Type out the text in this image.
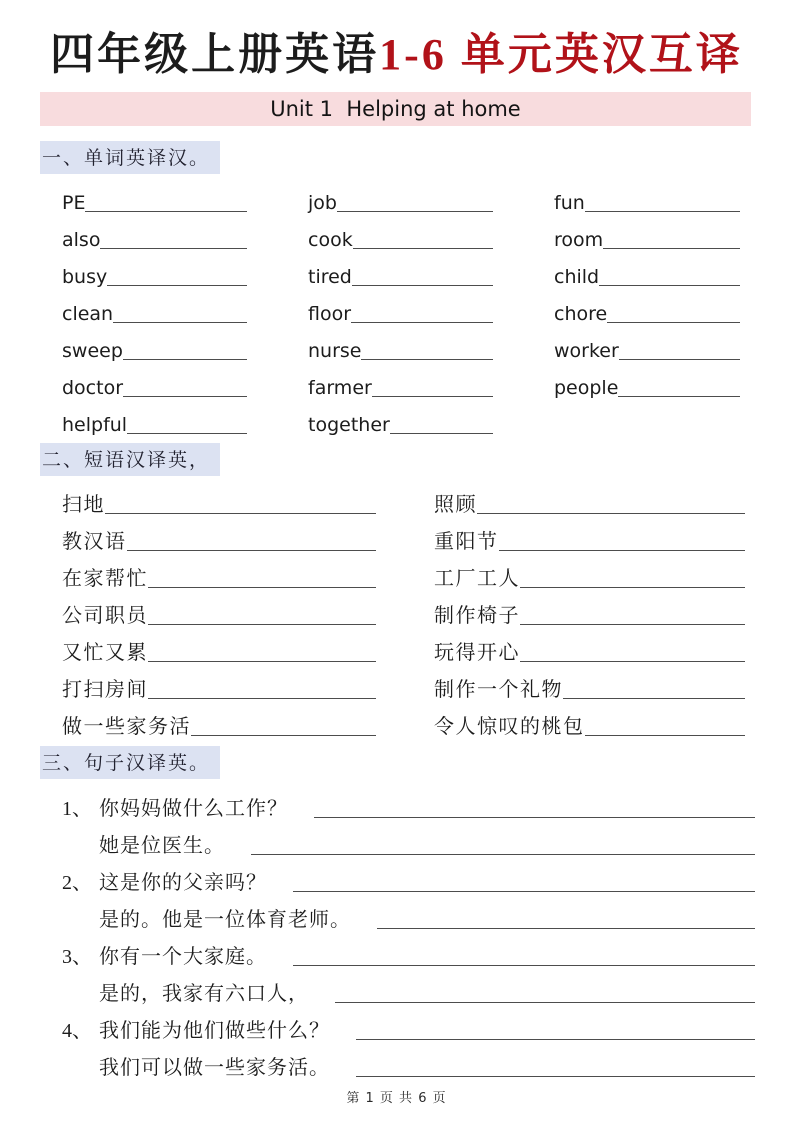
四年级上册英语1-6 单元英汉互译
Unit 1  Helping at home
一、单词英译汉。
PE	job	fun
also	cook	room
busy	tired	child
clean	floor	chore
sweep	nurse	worker
doctor	farmer	people
helpful	together
二、短语汉译英，
扫地	照顾
教汉语	重阳节
在家帮忙	工厂工人
公司职员	制作椅子
又忙又累	玩得开心
打扫房间	制作一个礼物
做一些家务活	令人惊叹的桃包
三、句子汉译英。
1、 你妈妈做什么工作？
她是位医生。
2、 这是你的父亲吗？
是的。他是一位体育老师。
3、 你有一个大家庭。
是的，我家有六口人，
4、 我们能为他们做些什么？
我们可以做一些家务活。
第 1 页 共 6 页
